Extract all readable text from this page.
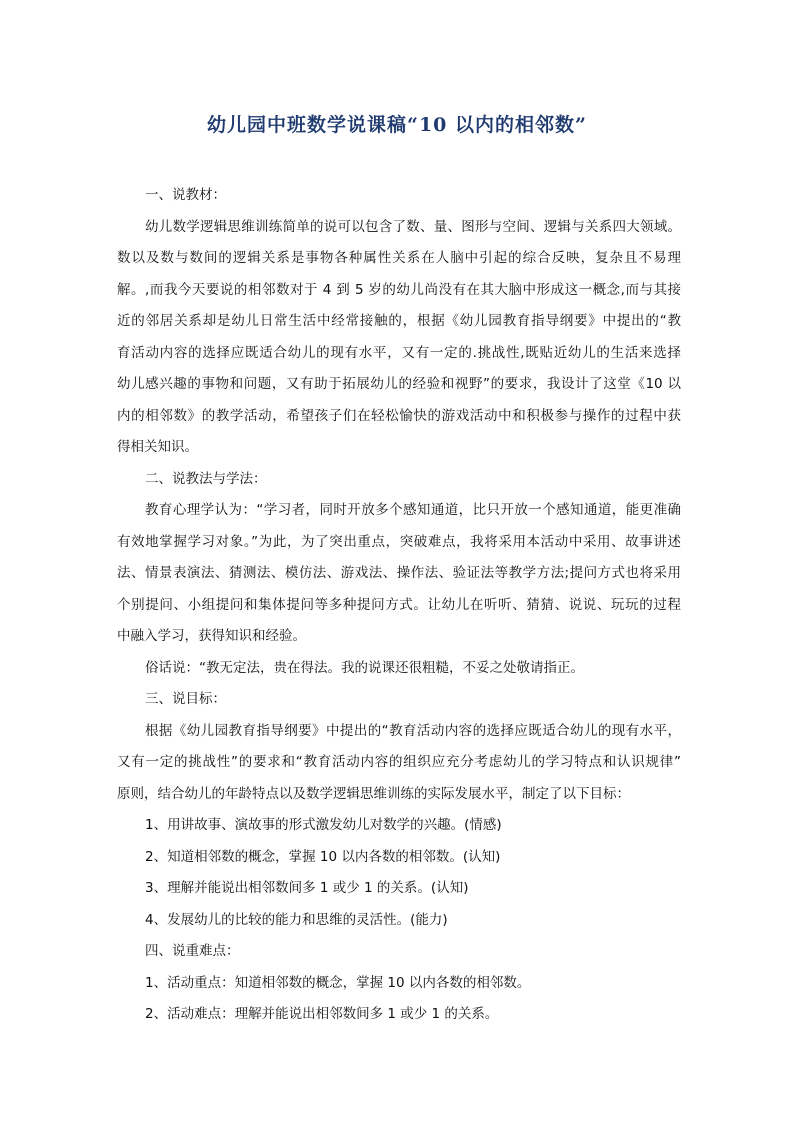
幼儿园中班数学说课稿“10 以内的相邻数”
一、说教材：
幼儿数学逻辑思维训练简单的说可以包含了数、量、图形与空间、逻辑与关系四大领域。
数以及数与数间的逻辑关系是事物各种属性关系在人脑中引起的综合反映，复杂且不易理
解。,而我今天要说的相邻数对于 4 到 5 岁的幼儿尚没有在其大脑中形成这一概念,而与其接
近的邻居关系却是幼儿日常生活中经常接触的，根据《幼儿园教育指导纲要》中提出的“教
育活动内容的选择应既适合幼儿的现有水平，又有一定的.挑战性,既贴近幼儿的生活来选择
幼儿感兴趣的事物和问题，又有助于拓展幼儿的经验和视野”的要求，我设计了这堂《10 以
内的相邻数》的教学活动，希望孩子们在轻松愉快的游戏活动中和积极参与操作的过程中获
得相关知识。
二、说教法与学法：
教育心理学认为：“学习者，同时开放多个感知通道，比只开放一个感知通道，能更准确
有效地掌握学习对象。”为此，为了突出重点，突破难点，我将采用本活动中采用、故事讲述
法、情景表演法、猜测法、模仿法、游戏法、操作法、验证法等教学方法;提问方式也将采用
个别提问、小组提问和集体提问等多种提问方式。让幼儿在听听、猜猜、说说、玩玩的过程
中融入学习，获得知识和经验。
俗话说：“教无定法，贵在得法。我的说课还很粗糙，不妥之处敬请指正。
三、说目标：
根据《幼儿园教育指导纲要》中提出的“教育活动内容的选择应既适合幼儿的现有水平，
又有一定的挑战性”的要求和“教育活动内容的组织应充分考虑幼儿的学习特点和认识规律”
原则，结合幼儿的年龄特点以及数学逻辑思维训练的实际发展水平，制定了以下目标：
1、用讲故事、演故事的形式激发幼儿对数学的兴趣。(情感)
2、知道相邻数的概念，掌握 10 以内各数的相邻数。(认知)
3、理解并能说出相邻数间多 1 或少 1 的关系。(认知)
4、发展幼儿的比较的能力和思维的灵活性。(能力)
四、说重难点：
1、活动重点：知道相邻数的概念，掌握 10 以内各数的相邻数。
2、活动难点：理解并能说出相邻数间多 1 或少 1 的关系。
